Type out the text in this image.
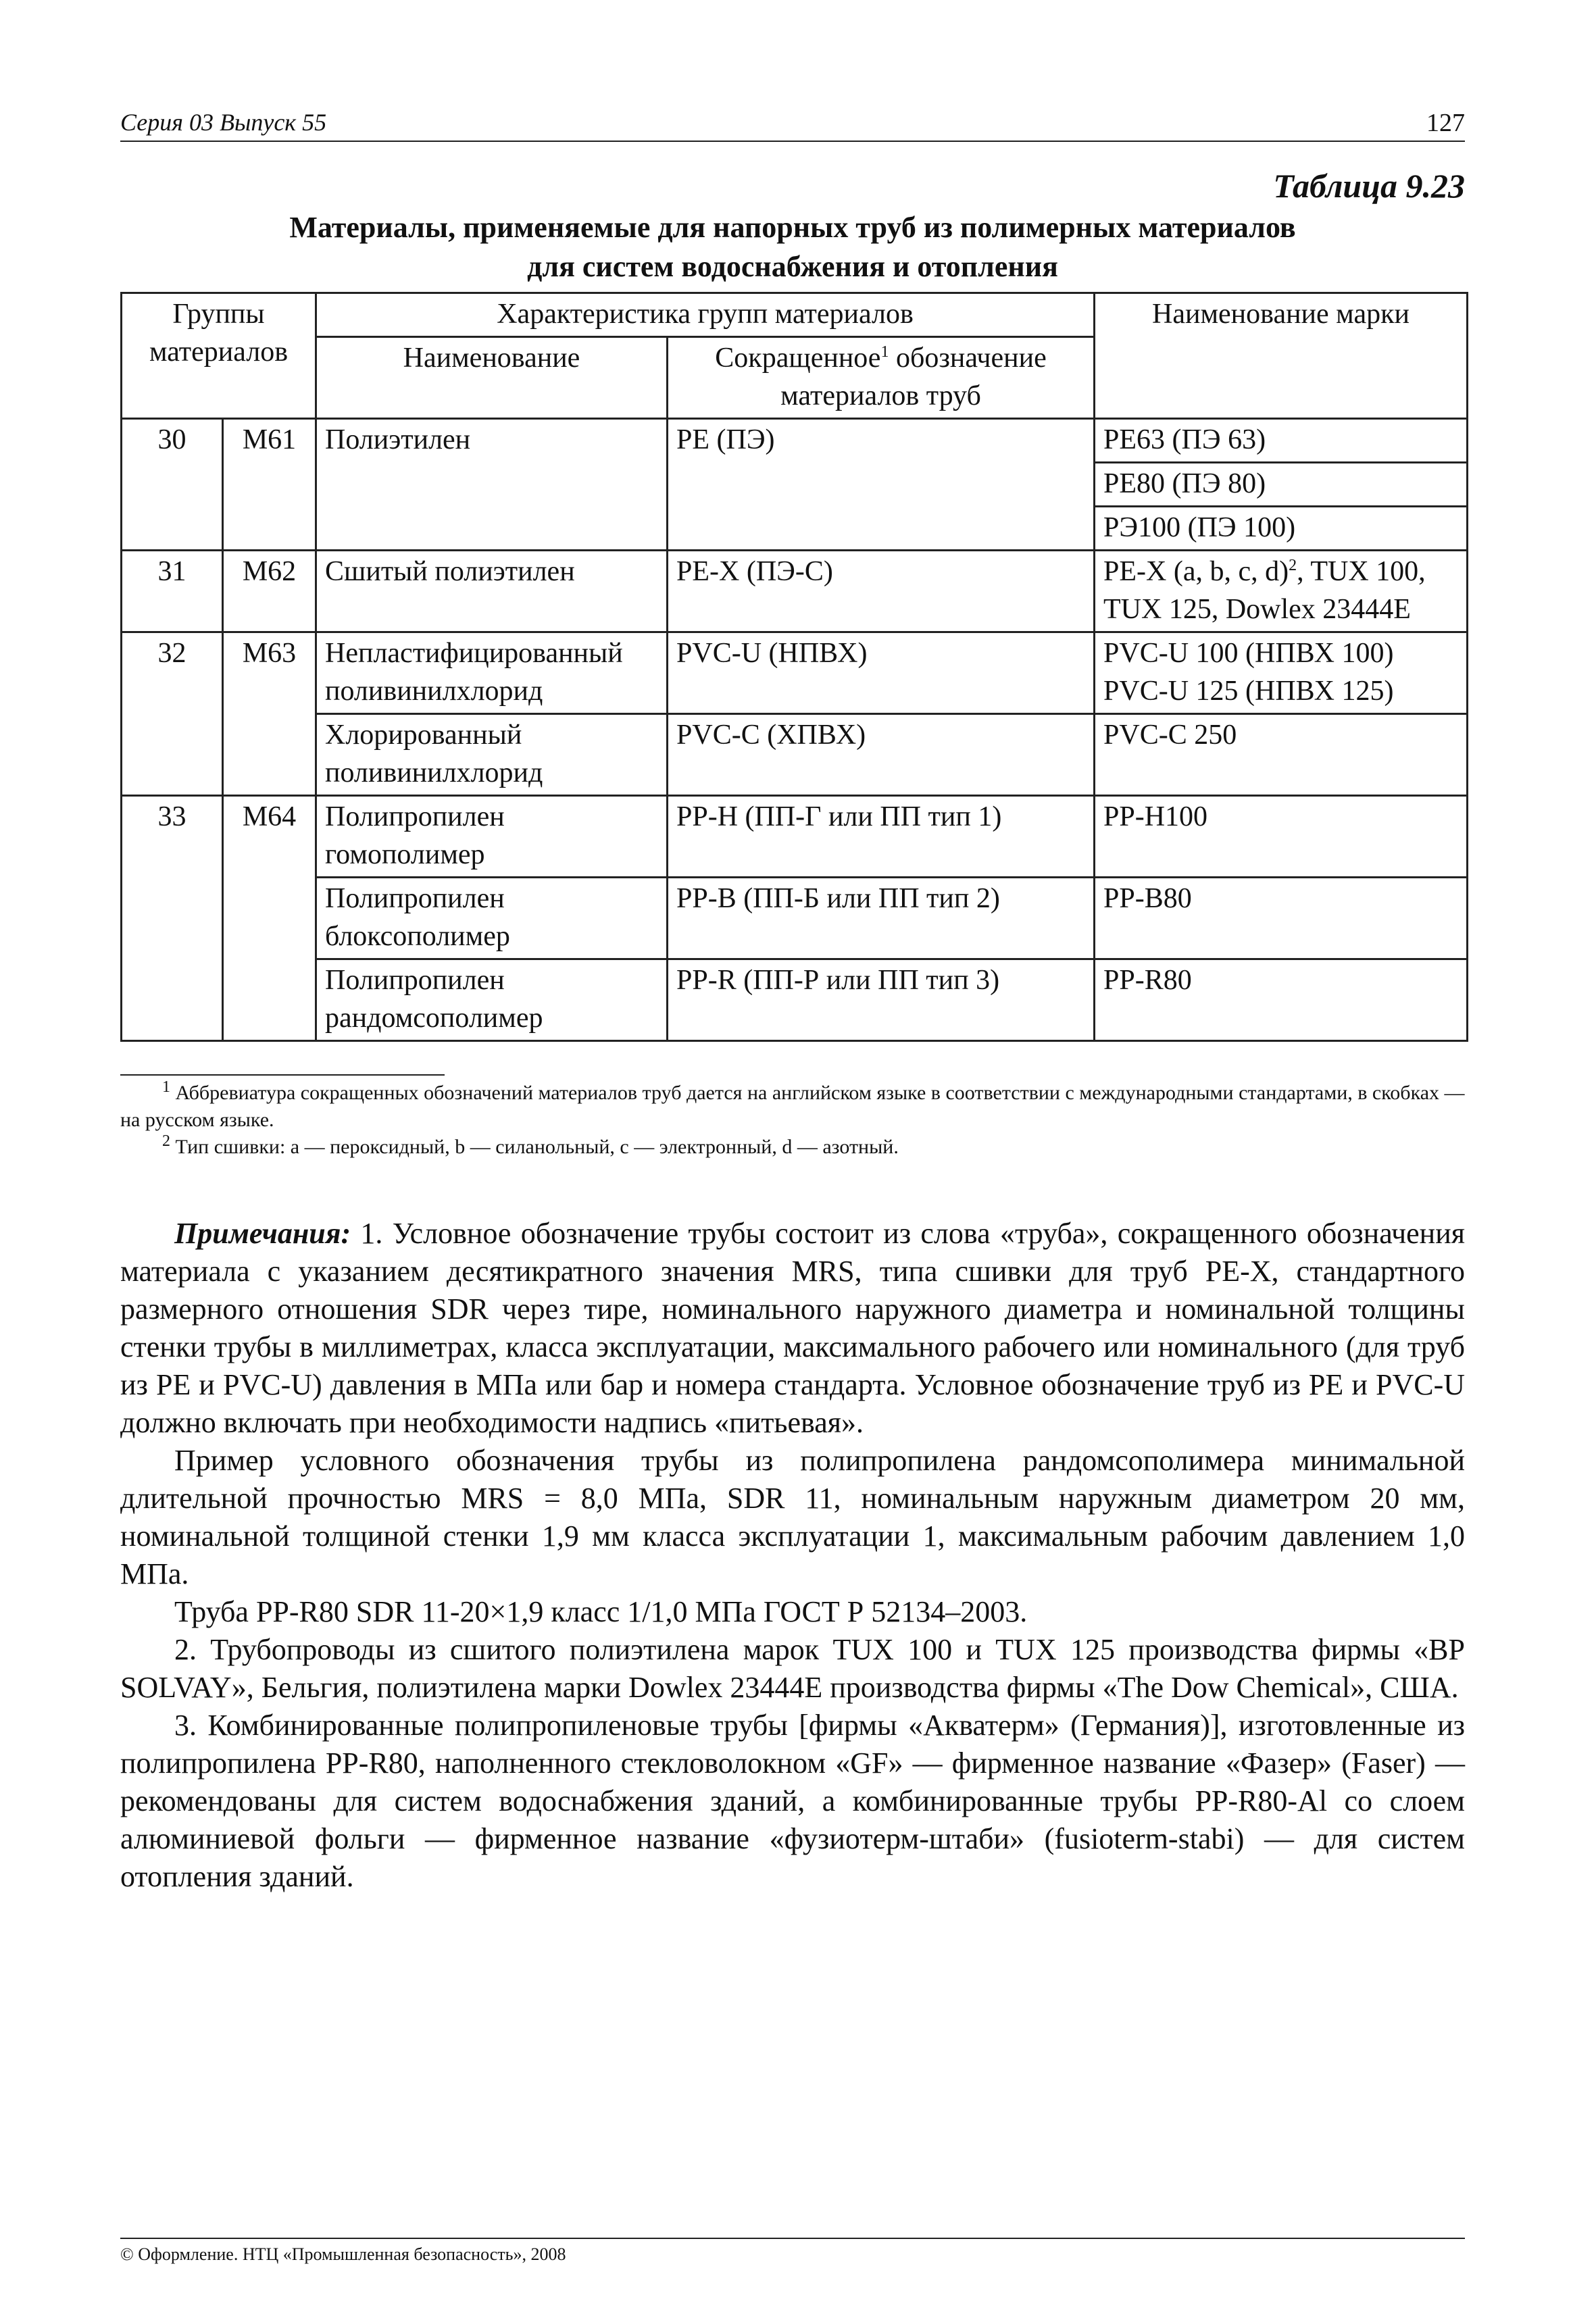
Серия 03 Выпуск 55	127
Таблица 9.23
Материалы, применяемые для напорных труб из полимерных материалов
для систем водоснабжения и отопления
Группы материалов		Характеристика групп материалов		Наименование марки
		Наименование	Сокращенное$^1$ обозначение материалов труб	
30	M61	Полиэтилен	PE (ПЭ)	PE63 (ПЭ 63)
				PE80 (ПЭ 80)
				РЭ100 (ПЭ 100)
31	M62	Сшитый полиэтилен	PE-X (ПЭ-С)	PE-X (a, b, c, d)$^2$, TUX 100, TUX 125, Dowlex 23444E
32	M63	Непластифицированный поливинилхлорид	PVC-U (НПВХ)	PVC-U 100 (НПВХ 100) PVC-U 125 (НПВХ 125)
		Хлорированный поливинилхлорид	PVC-C (ХПВХ)	PVC-C 250
33	M64	Полипропилен гомополимер	PP-H (ПП-Г или ПП тип 1)	PP-H100
		Полипропилен блоксополимер	PP-B (ПП-Б или ПП тип 2)	PP-B80
		Полипропилен рандомсополимер	PP-R (ПП-Р или ПП тип 3)	PP-R80

$^1$ Аббревиатура сокращенных обозначений материалов труб дается на английском языке в соответствии с международными стандартами, в скобках — на русском языке.

$^2$ Тип сшивки: a — пероксидный, b — силанольный, c — электронный, d — азотный.

Примечания: 1. Условное обозначение трубы состоит из слова «труба», сокращенного обозначения материала с указанием десятикратного значения MRS, типа сшивки для труб PE-X, стандартного размерного отношения SDR через тире, номинального наружного диаметра и номинальной толщины стенки трубы в миллиметрах, класса эксплуатации, максимального рабочего или номинального (для труб из PE и PVC-U) давления в МПа или бар и номера стандарта. Условное обозначение труб из PE и PVC-U должно включать при необходимости надпись «питьевая».

Пример условного обозначения трубы из полипропилена рандомсополимера минимальной длительной прочностью MRS = 8,0 МПа, SDR 11, номинальным наружным диаметром 20 мм, номинальной толщиной стенки 1,9 мм класса эксплуатации 1, максимальным рабочим давлением 1,0 МПа.

Труба PP-R80 SDR 11-20×1,9 класс 1/1,0 МПа ГОСТ Р 52134–2003.

2. Трубопроводы из сшитого полиэтилена марок TUX 100 и TUX 125 производства фирмы «BP SOLVAY», Бельгия, полиэтилена марки Dowlex 23444E производства фирмы «The Dow Chemical», США.

3. Комбинированные полипропиленовые трубы [фирмы «Акватерм» (Германия)], изготовленные из полипропилена PP-R80, наполненного стекловолокном «GF» — фирменное название «Фазер» (Faser) — рекомендованы для систем водоснабжения зданий, а комбинированные трубы PP-R80-Al со слоем алюминиевой фольги — фирменное название «фузиотерм-штаби» (fusioterm-stabi) — для систем отопления зданий.

© Оформление. НТЦ «Промышленная безопасность», 2008
